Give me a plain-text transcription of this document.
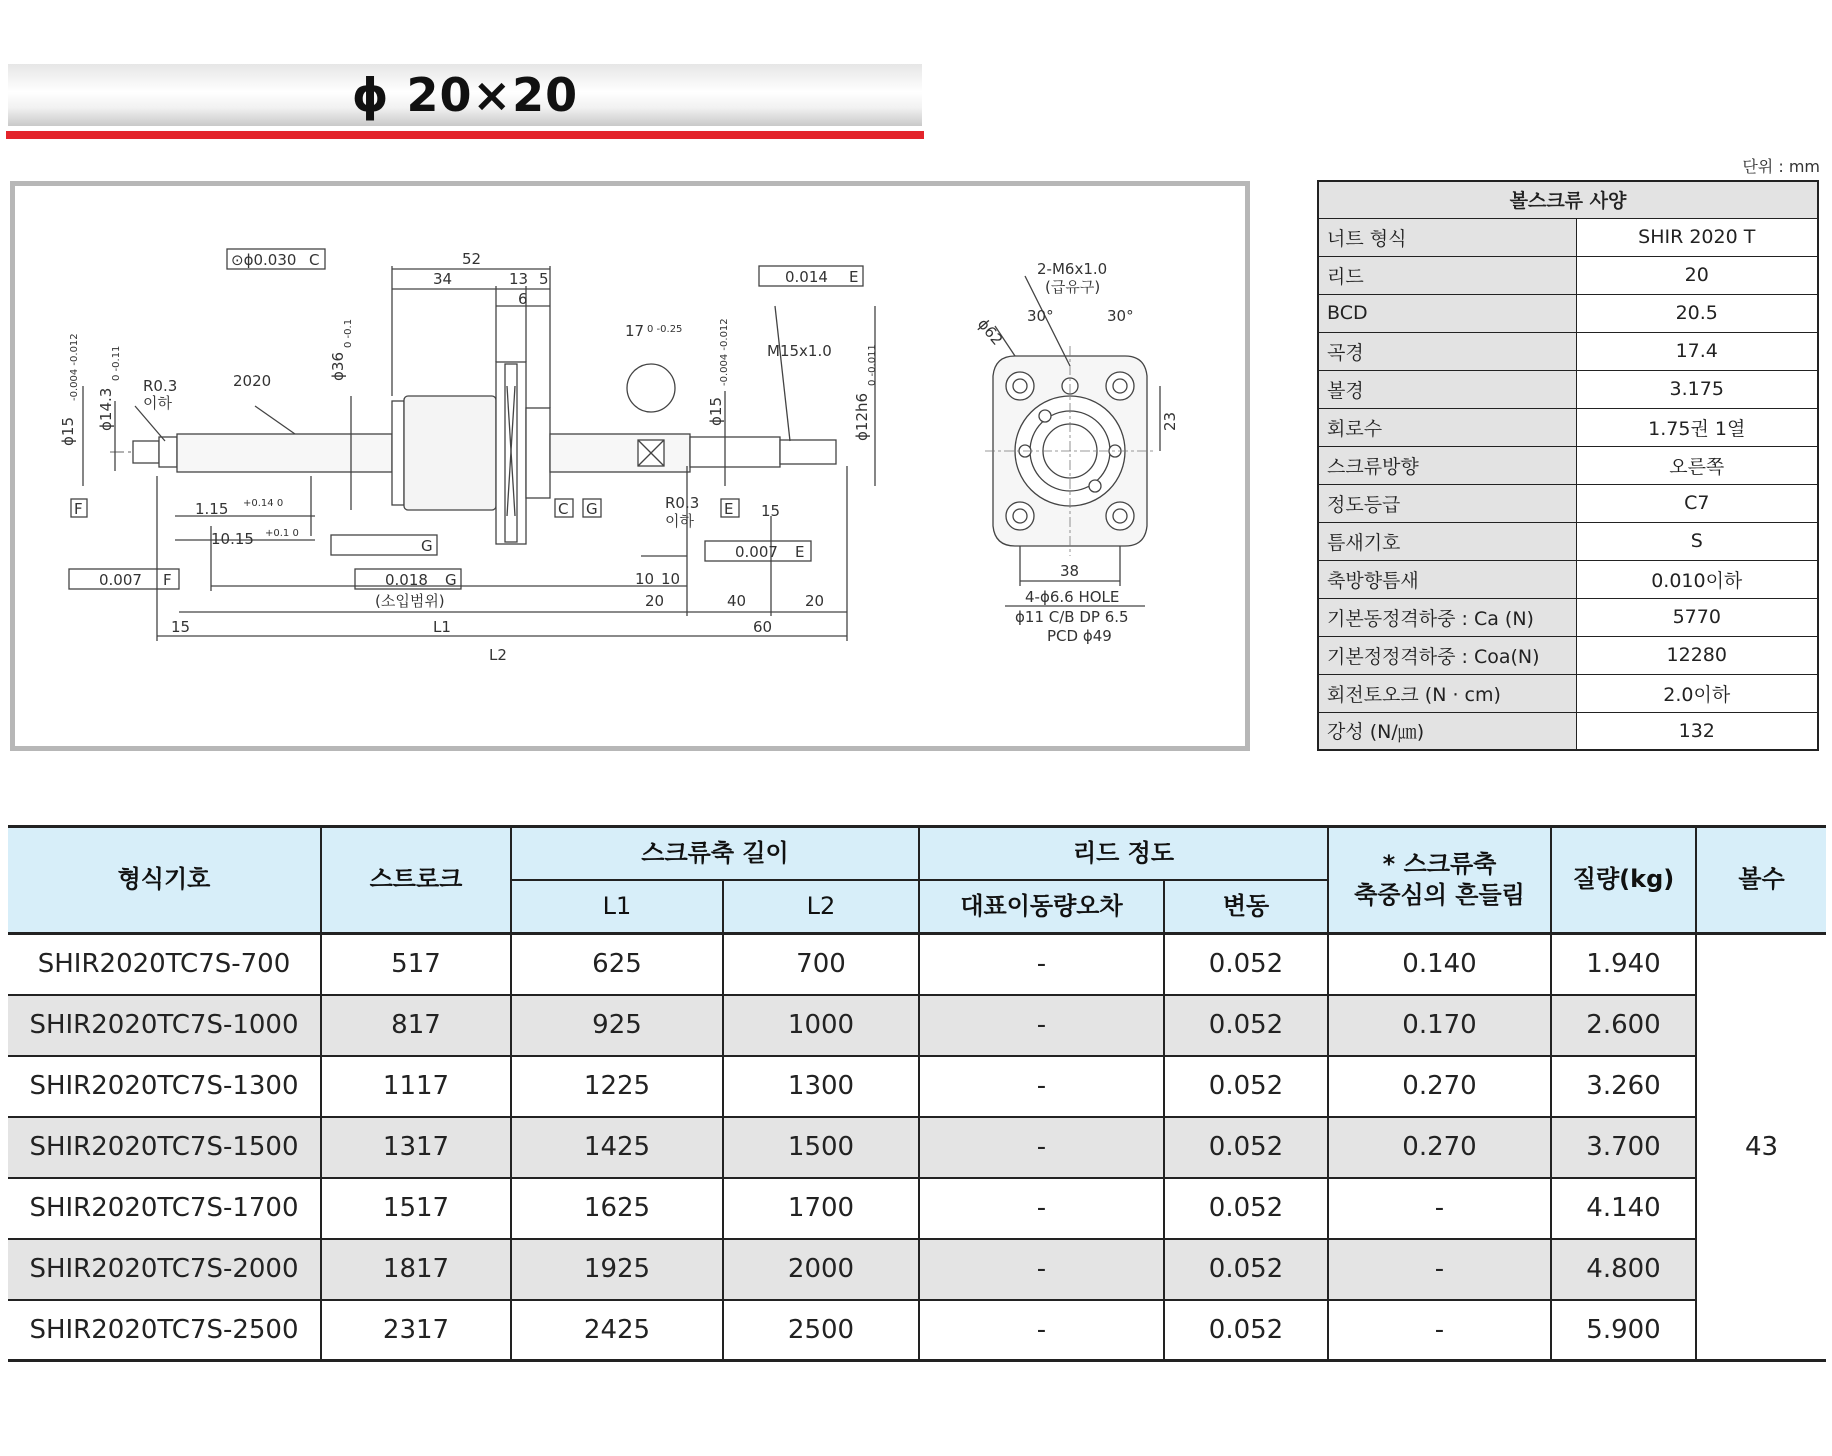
ϕ 20×20
⊙ϕ0.030 C	52
34	13 5
6
ϕ36
0 -0.1
ϕ15
-0.004 -0.012
ϕ14.3
0 -0.11
R0.3
이하
2020
17 0 -0.25
0.014 E
M15x1.0
ϕ15
-0.004 -0.012
ϕ12h6
0 -0.011
F	1.15 +0.14 0
10.15 +0.1 0
G
C G
0.007 F	0.018 G
R0.3
이하
E 15
0.007 E
10 10
(소입범위)	20	40	20
60
15	L1
L2
2-M6x1.0
(급유구)
30°	30°
ϕ62
23
38
4-ϕ6.6 HOLE
ϕ11 C/B DP 6.5
PCD ϕ49
단위 : mm
볼스크류 사양	
너트 형식	SHIR 2020 T
리드	20
BCD	20.5
곡경	17.4
볼경	3.175
회로수	1.75권 1열
스크류방향	오른쪽
정도등급	C7
틈새기호	S
축방향틈새	0.010이하
기본동정격하중 : Ca (N)	5770
기본정정격하중 : Coa(N)	12280
회전토오크 (N · cm)	2.0이하
강성 (N/㎛)	132
형식기호	스트로크	스크류축 길이		리드 정도		* 스크류축
축중심의 흔들림	질량(kg)	볼수
		L1	L2	대표이동량오차	변동			
SHIR2020TC7S-700	517	625	700	-	0.052	0.140	1.940	43
SHIR2020TC7S-1000	817	925	1000	-	0.052	0.170	2.600	
SHIR2020TC7S-1300	1117	1225	1300	-	0.052	0.270	3.260	
SHIR2020TC7S-1500	1317	1425	1500	-	0.052	0.270	3.700	
SHIR2020TC7S-1700	1517	1625	1700	-	0.052	-	4.140	
SHIR2020TC7S-2000	1817	1925	2000	-	0.052	-	4.800	
SHIR2020TC7S-2500	2317	2425	2500	-	0.052	-	5.900	
